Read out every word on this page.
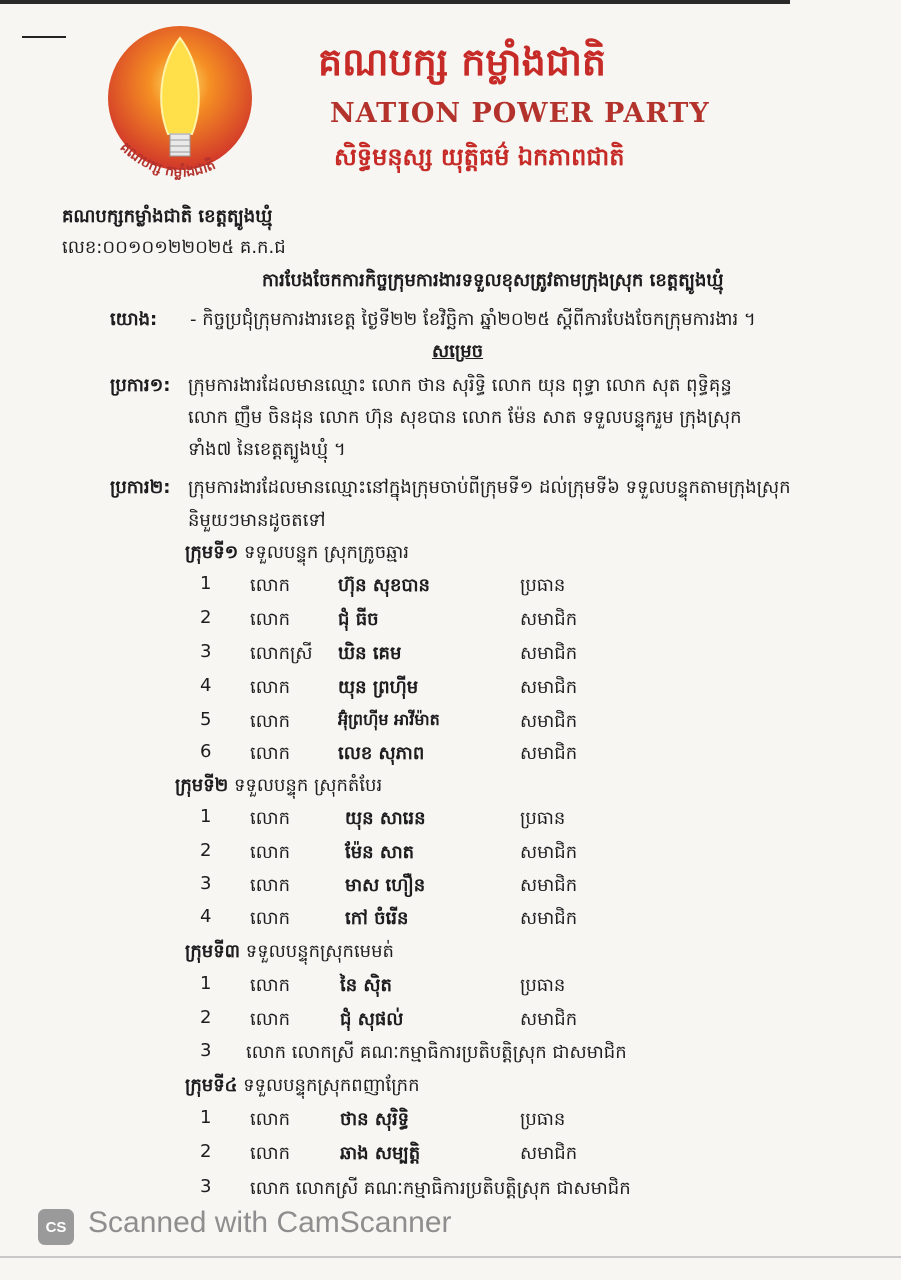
គណបក្ស កម្លាំងជាតិ
គណបក្ស កម្លាំងជាតិ
NATION POWER PARTY
សិទ្ធិមនុស្ស យុត្តិធម៌ ឯកភាពជាតិ
គណបក្សកម្លាំងជាតិ ខេត្តត្បូងឃ្មុំ
លេខ:០០១០១២២០២៥ គ.ក.ជ
ការបែងចែកការកិច្ចក្រុមការងារទទួលខុសត្រូវតាមក្រុងស្រុក ខេត្តត្បូងឃ្មុំ
យោង: - កិច្ចប្រជុំក្រុមការងារខេត្ត ថ្ងៃទី២២ ខែវិច្ឆិកា ឆ្នាំ២០២៥ ស្តីពីការបែងចែកក្រុមការងារ ។
សម្រេច
ប្រការ១: ក្រុមការងារដែលមានឈ្មោះ លោក ថាន សុរិទ្ធិ លោក យុន ពុទ្ធា លោក សុត ពុទ្ធិគុន្ធ
លោក ញឹម ចិនដុន លោក ហ៊ុន សុខបាន លោក ម៉ែន សាត ទទួលបន្ទុករួម ក្រុងស្រុក
ទាំង៧ នៃខេត្តត្បូងឃ្មុំ ។
ប្រការ២: ក្រុមការងារដែលមានឈ្មោះនៅក្នុងក្រុមចាប់ពីក្រុមទី១ ដល់ក្រុមទី៦ ទទួលបន្ទុកតាមក្រុងស្រុក
និមួយៗមានដូចតទៅ
ក្រុមទី១ ទទួលបន្ទុក ស្រុកក្រូចឆ្មារ
1 លោក	ហ៊ុន សុខបាន	ប្រធាន
2 លោក	ជុំ ធីច	សមាជិក
3 លោកស្រី ឃិន គេម	សមាជិក
4 លោក	យុន ព្រហ៊ីម	សមាជិក
5 លោក	អ៊ុំព្រហ៊ីម អាវីម៉ាត	សមាជិក
6 លោក	លេខ សុភាព	សមាជិក
ក្រុមទី២ ទទួលបន្ទុក ស្រុកតំបែរ
1 លោក	យុន សារេន	ប្រធាន
2 លោក	ម៉ែន សាត	សមាជិក
3 លោក	មាស ហឿន	សមាជិក
4 លោក	កៅ ចំរើន	សមាជិក
ក្រុមទី៣ ទទួលបន្ទុកស្រុកមេមត់
1 លោក	នៃ ស៊ិត	ប្រធាន
2 លោក	ជុំ សុផល់	សមាជិក
3 លោក លោកស្រី គណៈកម្មាធិការប្រតិបត្តិស្រុក ជាសមាជិក
ក្រុមទី៤ ទទួលបន្ទុកស្រុកពញាក្រែក
1 លោក	ថាន សុរិទ្ធិ	ប្រធាន
2 លោក	ឆាង សម្បត្តិ	សមាជិក
3 លោក លោកស្រី គណៈកម្មាធិការប្រតិបត្តិស្រុក ជាសមាជិក
CS Scanned with CamScanner
